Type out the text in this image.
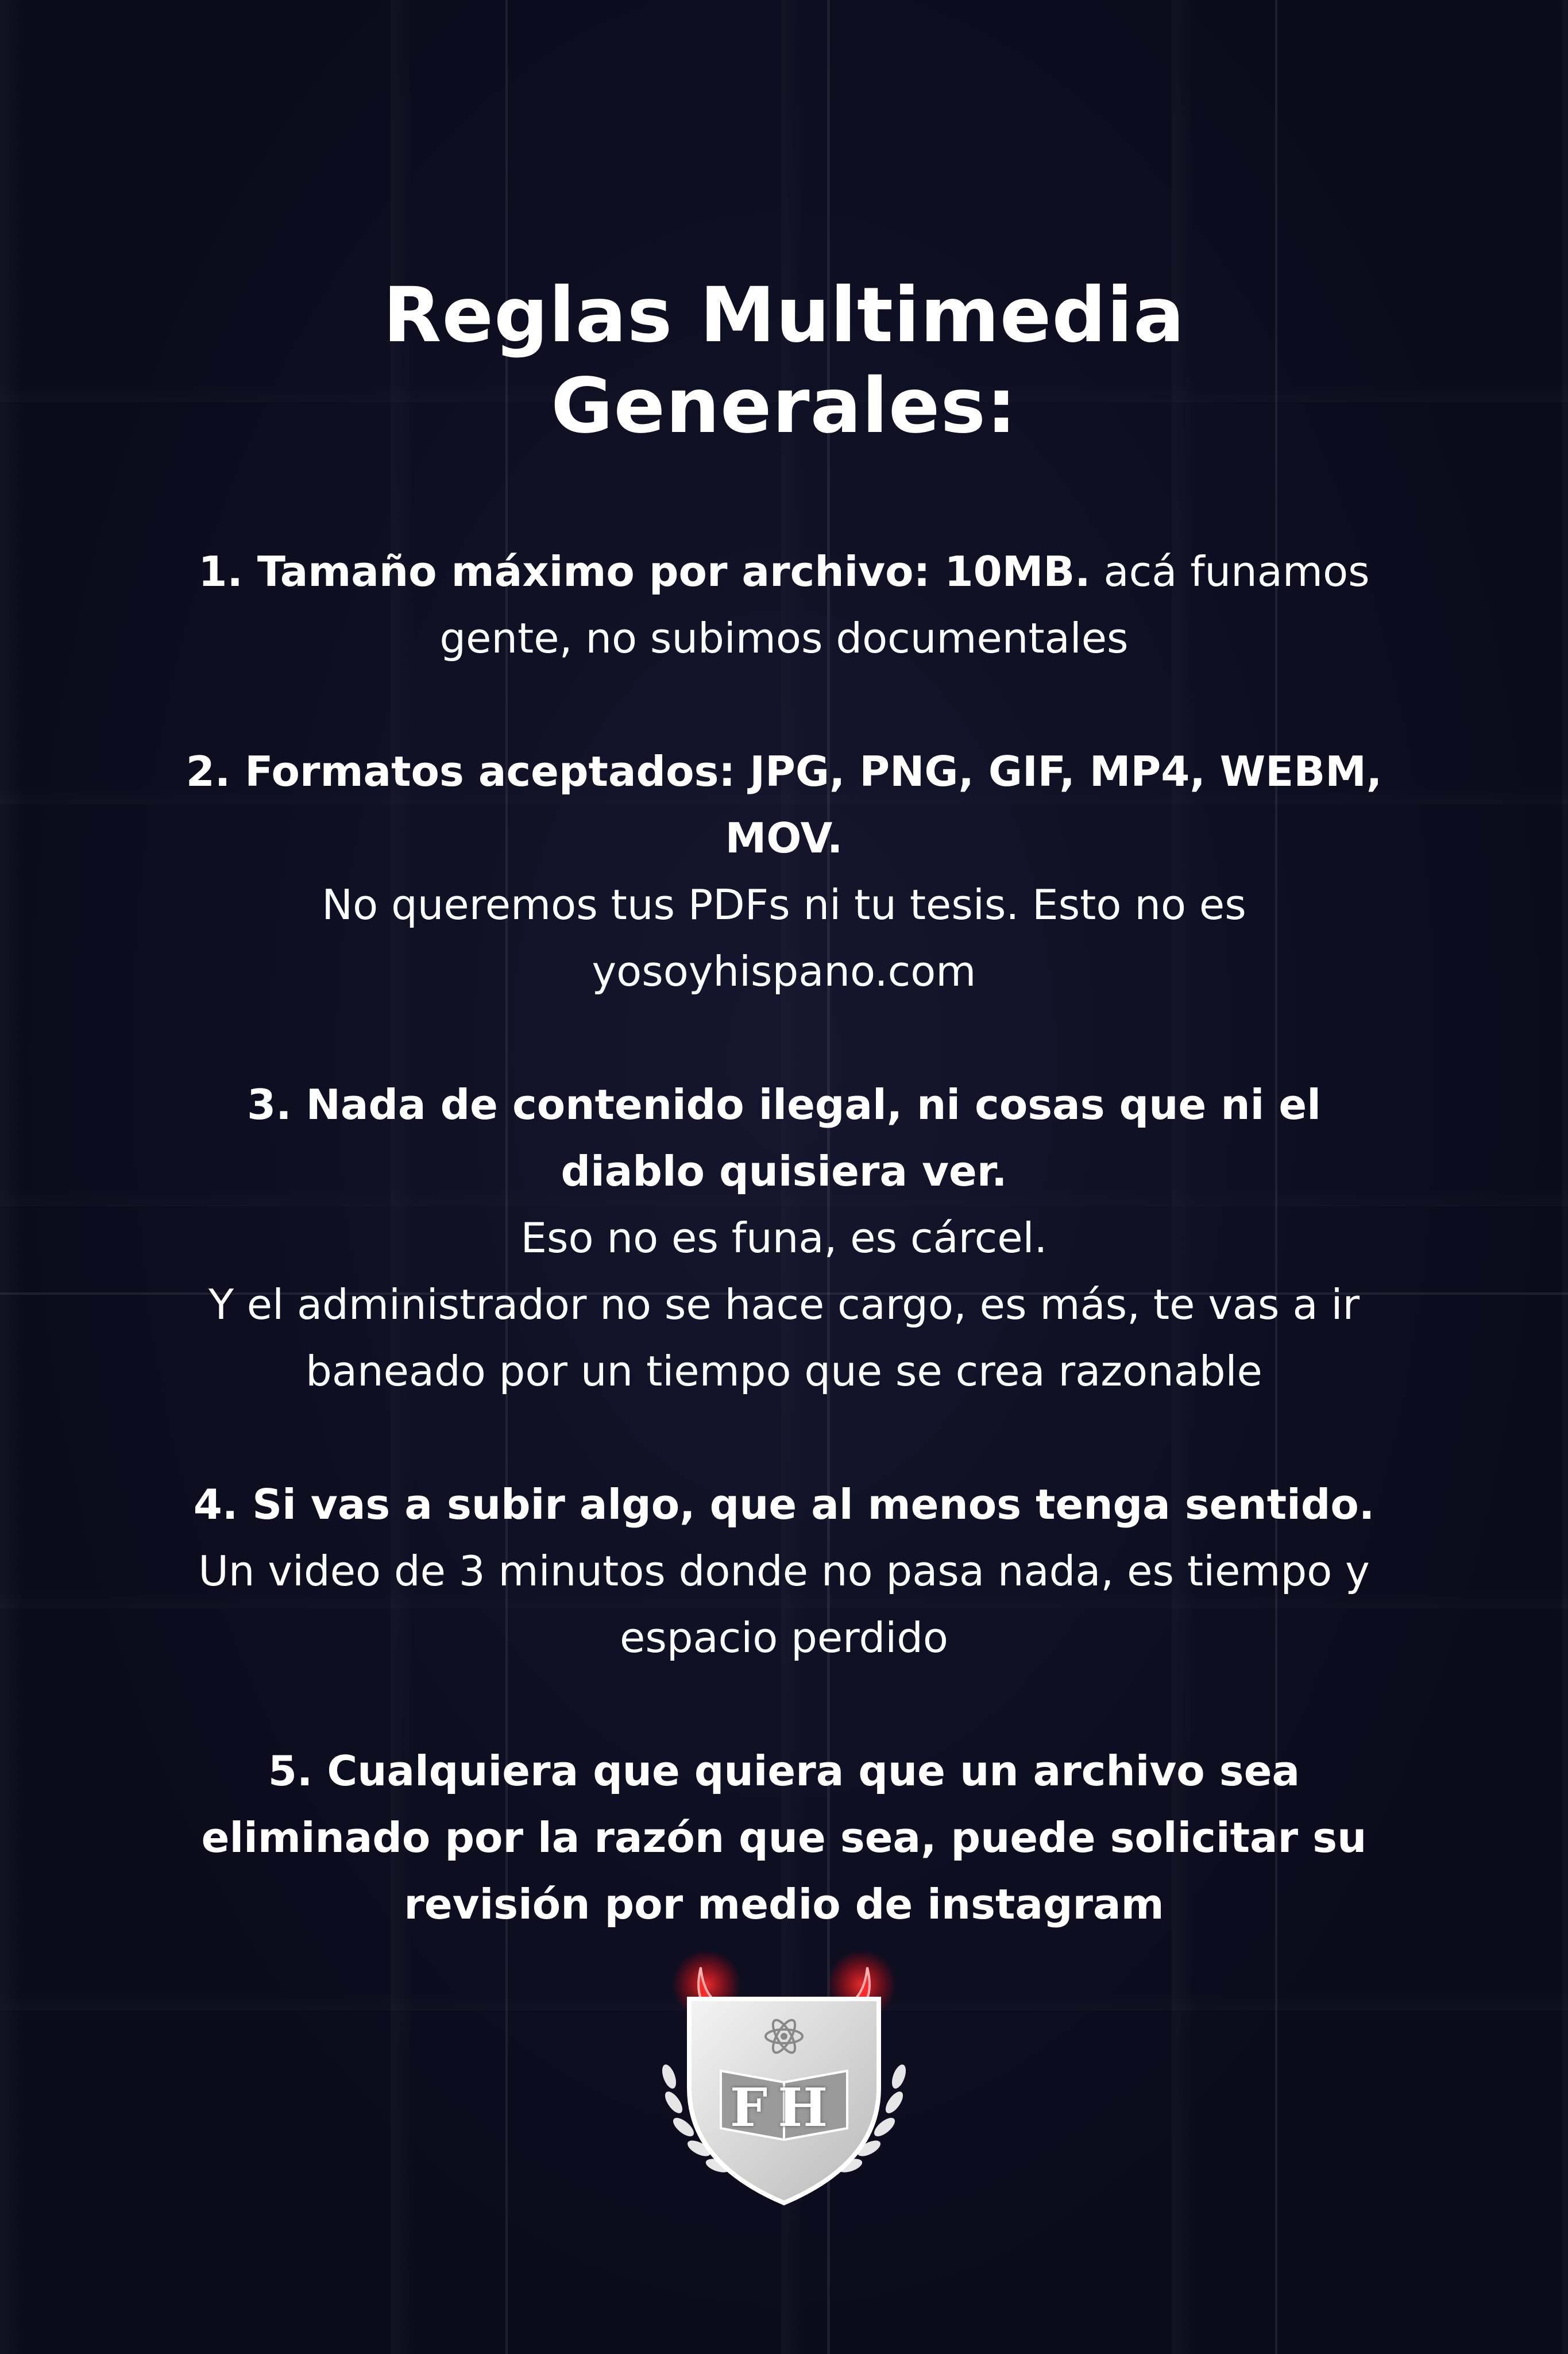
Reglas Multimedia Generales:

1. Tamaño máximo por archivo: 10MB. acá funamos gente, no subimos documentales

2. Formatos aceptados: JPG, PNG, GIF, MP4, WEBM, MOV.

No queremos tus PDFs ni tu tesis. Esto no es yosoyhispano.com

3. Nada de contenido ilegal, ni cosas que ni el diablo quisiera ver.

Eso no es funa, es cárcel.

Y el administrador no se hace cargo, es más, te vas a ir baneado por un tiempo que se crea razonable

4. Si vas a subir algo, que al menos tenga sentido.

Un video de 3 minutos donde no pasa nada, es tiempo y espacio perdido

5. Cualquiera que quiera que un archivo sea eliminado por la razón que sea, puede solicitar su revisión por medio de instagram

FH
